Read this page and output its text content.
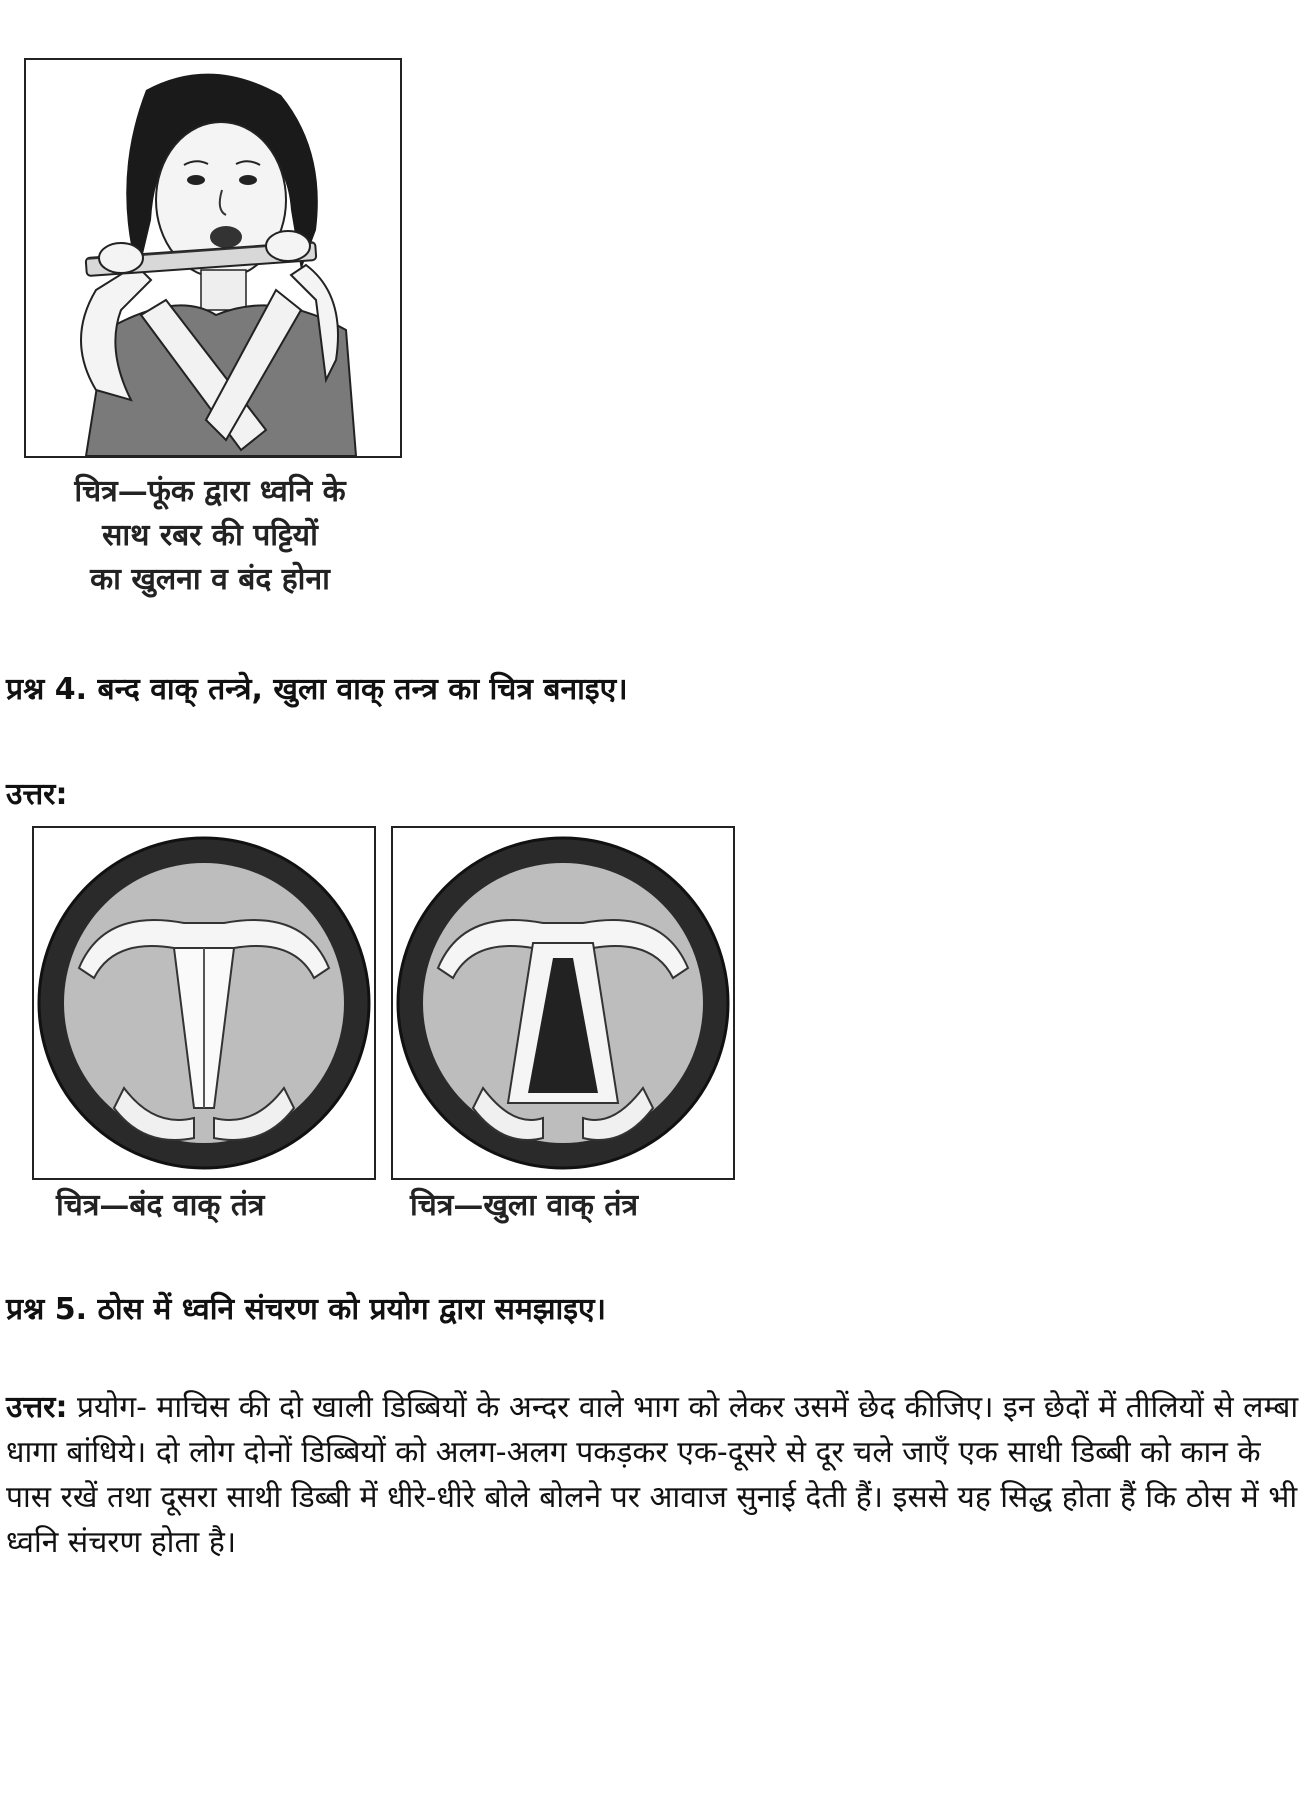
चित्र—फूंक द्वारा ध्वनि के
साथ रबर की पट्टियों
का खुलना व बंद होना
प्रश्न 4. बन्द वाक् तन्त्रे, खुला वाक् तन्त्र का चित्र बनाइए।
उत्तर:
चित्र—बंद वाक् तंत्र	चित्र—खुला वाक् तंत्र
प्रश्न 5. ठोस में ध्वनि संचरण को प्रयोग द्वारा समझाइए।
उत्तर: प्रयोग- माचिस की दो खाली डिब्बियों के अन्दर वाले भाग को लेकर उसमें छेद कीजिए। इन छेदों में तीलियों से लम्बा धागा बांधिये। दो लोग दोनों डिब्बियों को अलग-अलग पकड़कर एक-दूसरे से दूर चले जाएँ एक साधी डिब्बी को कान के पास रखें तथा दूसरा साथी डिब्बी में धीरे-धीरे बोले बोलने पर आवाज सुनाई देती हैं। इससे यह सिद्ध होता हैं कि ठोस में भी ध्वनि संचरण होता है।
